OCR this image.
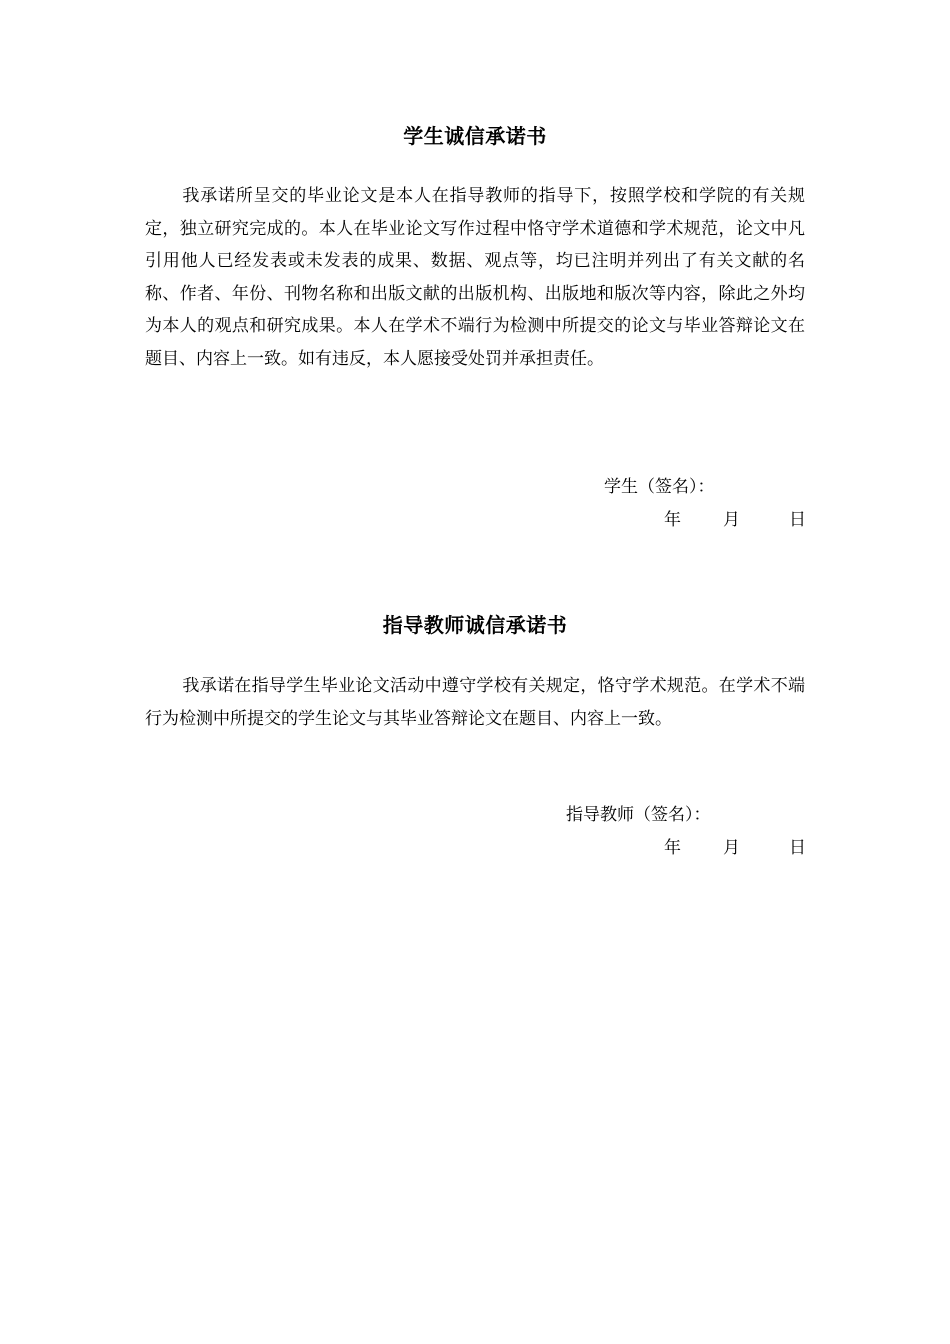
学生诚信承诺书

我承诺所呈交的毕业论文是本人在指导教师的指导下，按照学校和学院的有关规定，独立研究完成的。本人在毕业论文写作过程中恪守学术道德和学术规范，论文中凡引用他人已经发表或未发表的成果、数据、观点等，均已注明并列出了有关文献的名称、作者、年份、刊物名称和出版文献的出版机构、出版地和版次等内容，除此之外均为本人的观点和研究成果。本人在学术不端行为检测中所提交的论文与毕业答辩论文在题目、内容上一致。如有违反，本人愿接受处罚并承担责任。

学生（签名）：
年 月	日
指导教师诚信承诺书

我承诺在指导学生毕业论文活动中遵守学校有关规定，恪守学术规范。在学术不端行为检测中所提交的学生论文与其毕业答辩论文在题目、内容上一致。

指导教师（签名）：
年 月	日
